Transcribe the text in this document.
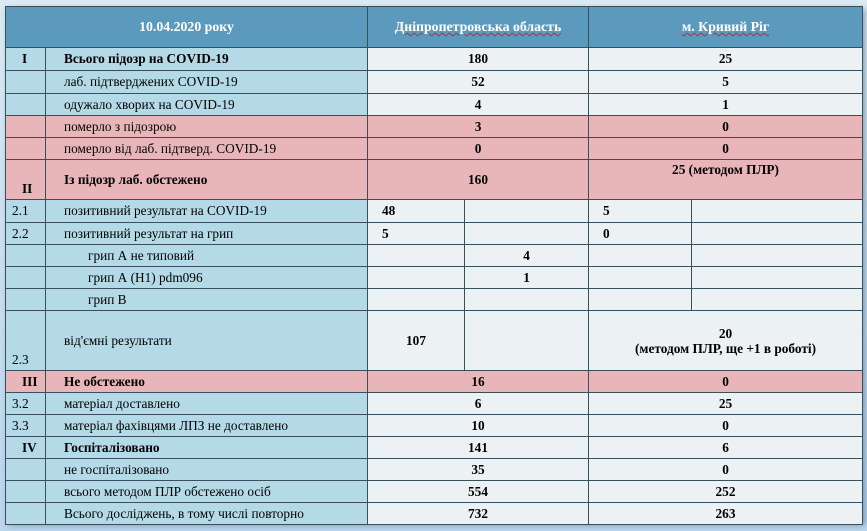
10.04.2020 року		Дніпропетровська область		м. Кривий Ріг	
I	Всього підозр на COVID-19	180		25	
	лаб. підтверджених COVID-19	52		5	
	одужало хворих на COVID-19	4		1	
	померло з підозрою	3		0	
	померло від лаб. підтверд. COVID-19	0		0	
II	Із підозр лаб. обстежено	160		25 (методом ПЛР)	
2.1	позитивний результат на COVID-19	48		5	
2.2	позитивний результат на грип	5		0	
	грип А не типовий		4		
	грип А (H1) pdm096		1		
	грип В				
2.3	від'ємні результати	107		20
(методом ПЛР, ще +1 в роботі)	

III	Не обстежено	16		0	
3.2	матеріал доставлено	6		25	
3.3	матеріал фахівцями ЛПЗ не доставлено	10		0	
IV	Госпіталізовано	141		6	
	не госпіталізовано	35		0	
	всього методом ПЛР обстежено осіб	554		252	
	Всього досліджень, в тому числі повторно	732		263	
